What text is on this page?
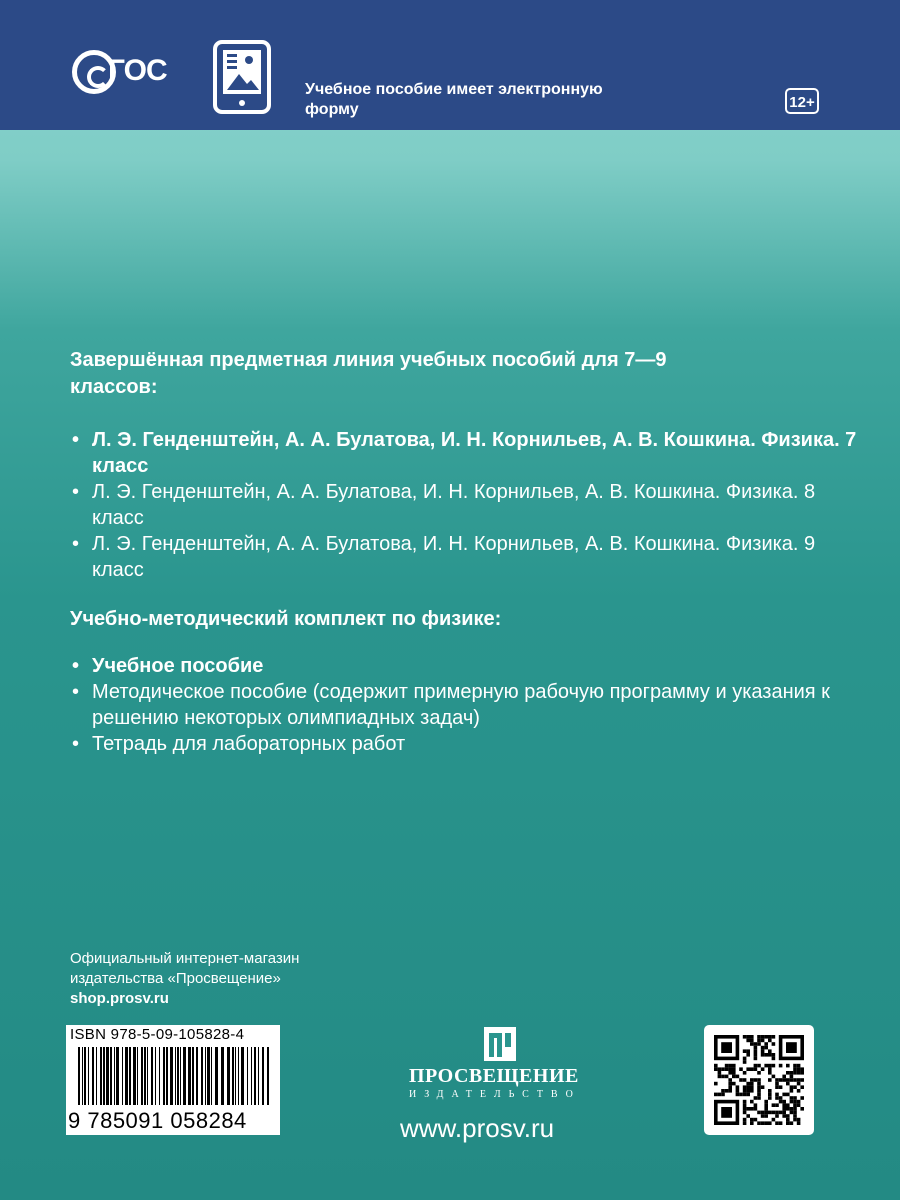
ГОС
Учебное пособие имеет электронную форму	12+
Завершённая предметная линия учебных пособий для 7—9 классов:
• Л. Э. Генденштейн, А. А. Булатова, И. Н. Корнильев, А. В. Кошкина. Физика. 7 класс
• Л. Э. Генденштейн, А. А. Булатова, И. Н. Корнильев, А. В. Кошкина. Физика. 8 класс
• Л. Э. Генденштейн, А. А. Булатова, И. Н. Корнильев, А. В. Кошкина. Физика. 9 класс
Учебно-методический комплект по физике:
• Учебное пособие
• Методическое пособие (содержит примерную рабочую программу и указания к решению некоторых олимпиадных задач)
• Тетрадь для лабораторных работ
Официальный интернет-магазин
издательства «Просвещение»
shop.prosv.ru
ISBN 978-5-09-105828-4
9 785091 058284
ПРОСВЕЩЕНИЕ
ИЗДАТЕЛЬСТВО
www.prosv.ru
